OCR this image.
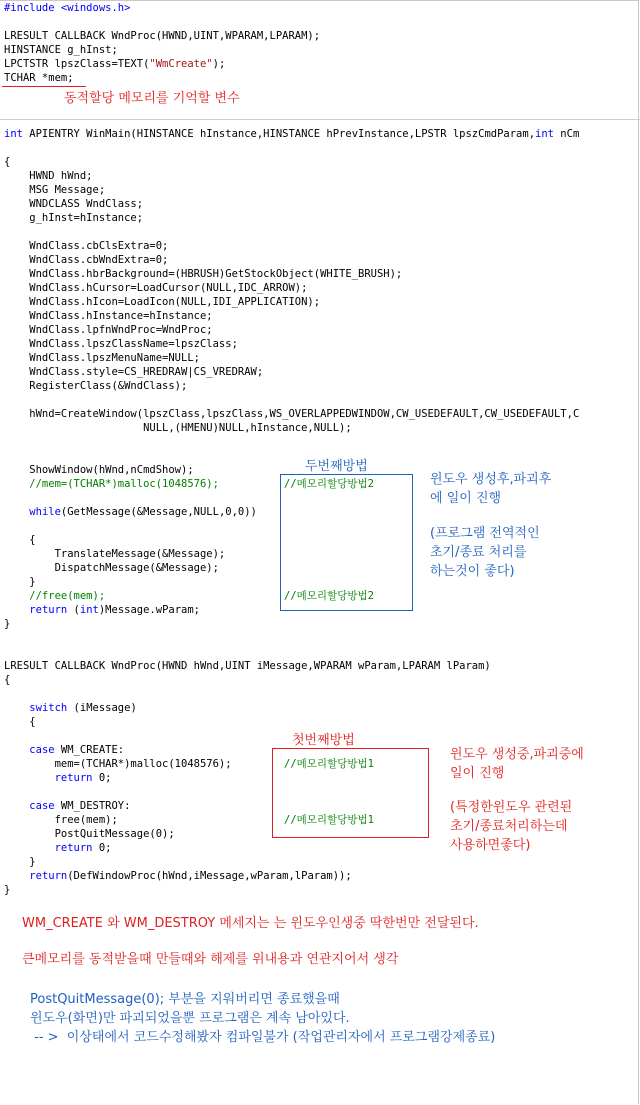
#include <windows.h>
LRESULT CALLBACK WndProc(HWND,UINT,WPARAM,LPARAM);
HINSTANCE g_hInst;
LPCTSTR lpszClass=TEXT("WmCreate");
TCHAR *mem;
동적할당 메모리를 기억할 변수
int APIENTRY WinMain(HINSTANCE hInstance,HINSTANCE hPrevInstance,LPSTR lpszCmdParam,int nCm
{
HWND hWnd;
MSG Message;
WNDCLASS WndClass;
g_hInst=hInstance;
WndClass.cbClsExtra=0;
WndClass.cbWndExtra=0;
WndClass.hbrBackground=(HBRUSH)GetStockObject(WHITE_BRUSH);
WndClass.hCursor=LoadCursor(NULL,IDC_ARROW);
WndClass.hIcon=LoadIcon(NULL,IDI_APPLICATION);
WndClass.hInstance=hInstance;
WndClass.lpfnWndProc=WndProc;
WndClass.lpszClassName=lpszClass;
WndClass.lpszMenuName=NULL;
WndClass.style=CS_HREDRAW|CS_VREDRAW;
RegisterClass(&WndClass);
hWnd=CreateWindow(lpszClass,lpszClass,WS_OVERLAPPEDWINDOW,CW_USEDEFAULT,CW_USEDEFAULT,C
NULL,(HMENU)NULL,hInstance,NULL);
ShowWindow(hWnd,nCmdShow);
//mem=(TCHAR*)malloc(1048576);
while(GetMessage(&Message,NULL,0,0))
{
TranslateMessage(&Message);
DispatchMessage(&Message);
}
//free(mem);
return (int)Message.wParam;
}
두번째방법
//메모리할당방법2
//메모리할당방법2
윈도우 생성후,파괴후
에 일이 진행
(프로그램 전역적인
초기/종료 처리를
하는것이 좋다)
LRESULT CALLBACK WndProc(HWND hWnd,UINT iMessage,WPARAM wParam,LPARAM lParam)
{
switch (iMessage)
{
case WM_CREATE:
mem=(TCHAR*)malloc(1048576);
return 0;
case WM_DESTROY:
free(mem);
PostQuitMessage(0);
return 0;
}
return(DefWindowProc(hWnd,iMessage,wParam,lParam));
}
첫번째방법
//메모리할당방법1
//메모리할당방법1
윈도우 생성중,파괴중에
일이 진행
(특정한윈도우 관련된
초기/종료처리하는데
사용하면좋다)
WM_CREATE 와 WM_DESTROY 메세지는 는 윈도우인생중 딱한번만 전달된다.
큰메모리를 동적받을때 만들때와 해제를 위내용과 연관지어서 생각
PostQuitMessage(0); 부분을 지워버리면 종료했을때
윈도우(화면)만 파괴되었을뿐 프로그램은 계속 남아있다.
-- >  이상태에서 코드수정해봤자 컴파일불가 (작업관리자에서 프로그램강제종료)
